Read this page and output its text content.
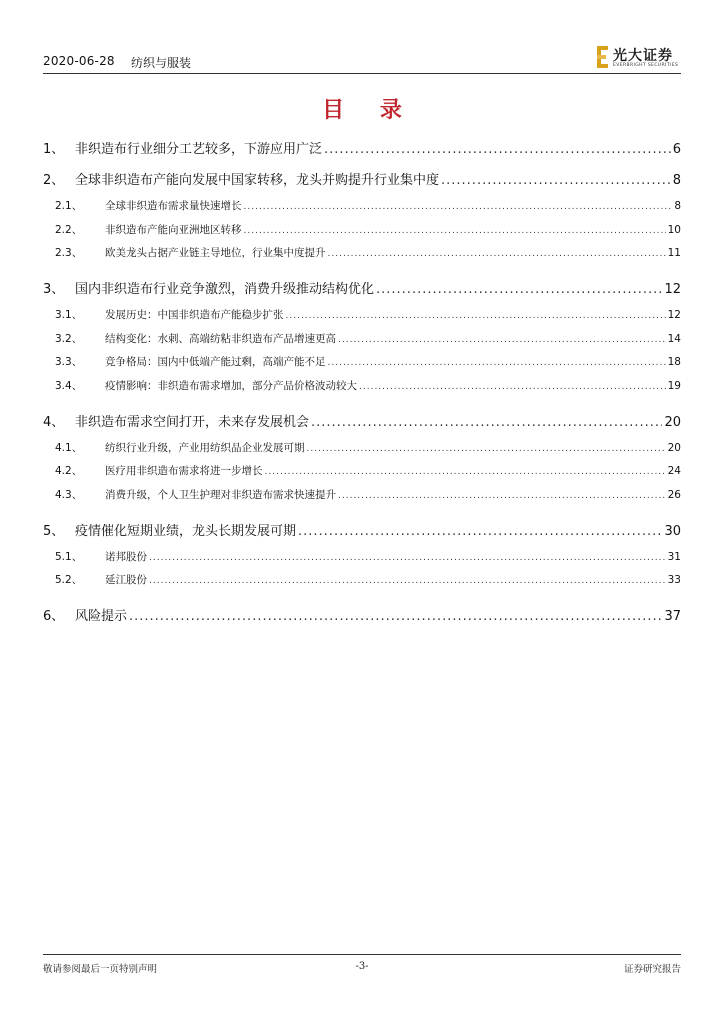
2020-06-28 纺织与服装	光大证券
EVERBRIGHT SECURITIES
目 录
1、 非织造布行业细分工艺较多，下游应用广泛 .....	6
2、 全球非织造布产能向发展中国家转移，龙头并购提升行业集中度 .....	8
2.1、	全球非织造布需求量快速增长 .....	8
2.2、	非织造布产能向亚洲地区转移 .....	10
2.3、	欧美龙头占据产业链主导地位，行业集中度提升 .....	11
3、 国内非织造布行业竞争激烈，消费升级推动结构优化 .....	12
3.1、	发展历史：中国非织造布产能稳步扩张 .....	12
3.2、	结构变化：水刺、高端纺粘非织造布产品增速更高 .....	14
3.3、	竞争格局：国内中低端产能过剩，高端产能不足 .....	18
3.4、	疫情影响：非织造布需求增加，部分产品价格波动较大 .....	19
4、 非织造布需求空间打开，未来存发展机会 .....	20
4.1、	纺织行业升级，产业用纺织品企业发展可期 .....	20
4.2、	医疗用非织造布需求将进一步增长 .....	24
4.3、	消费升级，个人卫生护理对非织造布需求快速提升 .....	26
5、 疫情催化短期业绩，龙头长期发展可期 .....	30
5.1、	诺邦股份 .....	31
5.2、	延江股份 .....	33
6、 风险提示 .....	37
敬请参阅最后一页特别声明	-3-	证券研究报告
